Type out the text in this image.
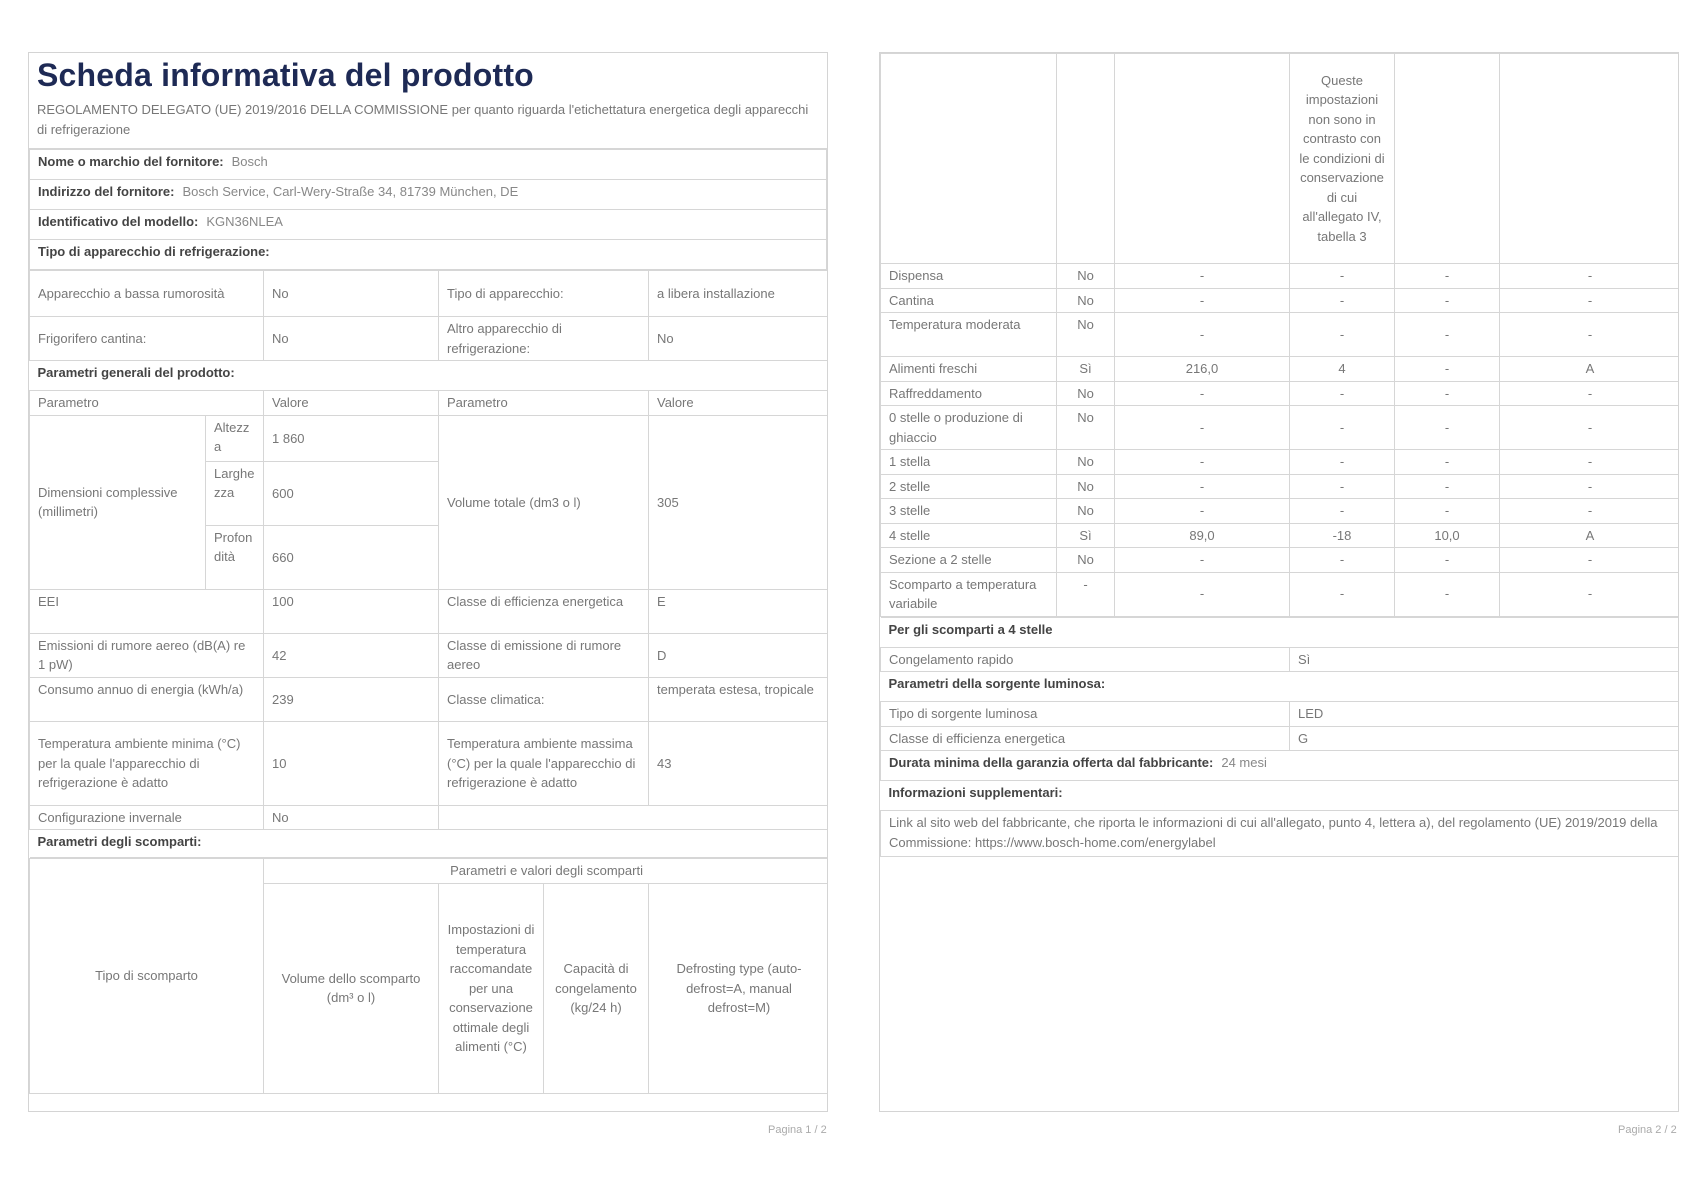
Scheda informativa del prodotto
REGOLAMENTO DELEGATO (UE) 2019/2016 DELLA COMMISSIONE per quanto riguarda l'etichettatura energetica degli apparecchi di refrigerazione
Nome o marchio del fornitore: Bosch
Indirizzo del fornitore: Bosch Service, Carl-Wery-Straße 34, 81739 München, DE
Identificativo del modello: KGN36NLEA
Tipo di apparecchio di refrigerazione:
Apparecchio a bassa rumorosità		No	Tipo di apparecchio:	a libera installazione
Frigorifero cantina:		No	Altro apparecchio di refrigerazione:	No
Parametri generali del prodotto:				
Parametro		Valore	Parametro	Valore
Dimensioni complessive (millimetri)	Altezza	1 860	Volume totale (dm3 o l)	305
	Larghezza	600		
	Profondità	660		
EEI		100	Classe di efficienza energetica	E
Emissioni di rumore aereo (dB(A) re 1 pW)		42	Classe di emissione di rumore aereo	D
Consumo annuo di energia (kWh/a)		239	Classe climatica:	temperata estesa, tropicale
Temperatura ambiente minima (°C) per la quale l'apparecchio di refrigerazione è adatto		10	Temperatura ambiente massima (°C) per la quale l'apparecchio di refrigerazione è adatto	43
Configurazione invernale		No		
Parametri degli scomparti:				
Tipo di scomparto	Parametri e valori degli scomparti			
	Volume dello scomparto (dm³ o l)	Impostazioni di temperatura raccomandate per una conservazione ottimale degli alimenti (°C)	Capacità di congelamento (kg/24 h)	Defrosting type (auto-defrost=A, manual defrost=M)
Pagina 1 / 2
			Queste impostazioni non sono in contrasto con le condizioni di conservazione di cui all'allegato IV, tabella 3		
Dispensa	No	-	-	-	-
Cantina	No	-	-	-	-
Temperatura moderata	No	-	-	-	-
Alimenti freschi	Sì	216,0	4	-	A
Raffreddamento	No	-	-	-	-
0 stelle o produzione di ghiaccio	No	-	-	-	-
1 stella	No	-	-	-	-
2 stelle	No	-	-	-	-
3 stelle	No	-	-	-	-
4 stelle	Sì	89,0	-18	10,0	A
Sezione a 2 stelle	No	-	-	-	-
Scomparto a temperatura variabile	-	-	-	-	-
Per gli scomparti a 4 stelle	
Congelamento rapido	Sì
Parametri della sorgente luminosa:	
Tipo di sorgente luminosa	LED
Classe di efficienza energetica	G
Durata minima della garanzia offerta dal fabbricante: 24 mesi	
Informazioni supplementari:	
Link al sito web del fabbricante, che riporta le informazioni di cui all'allegato, punto 4, lettera a), del regolamento (UE) 2019/2019 della Commissione: https://www.bosch-home.com/energylabel	
Pagina 2 / 2
